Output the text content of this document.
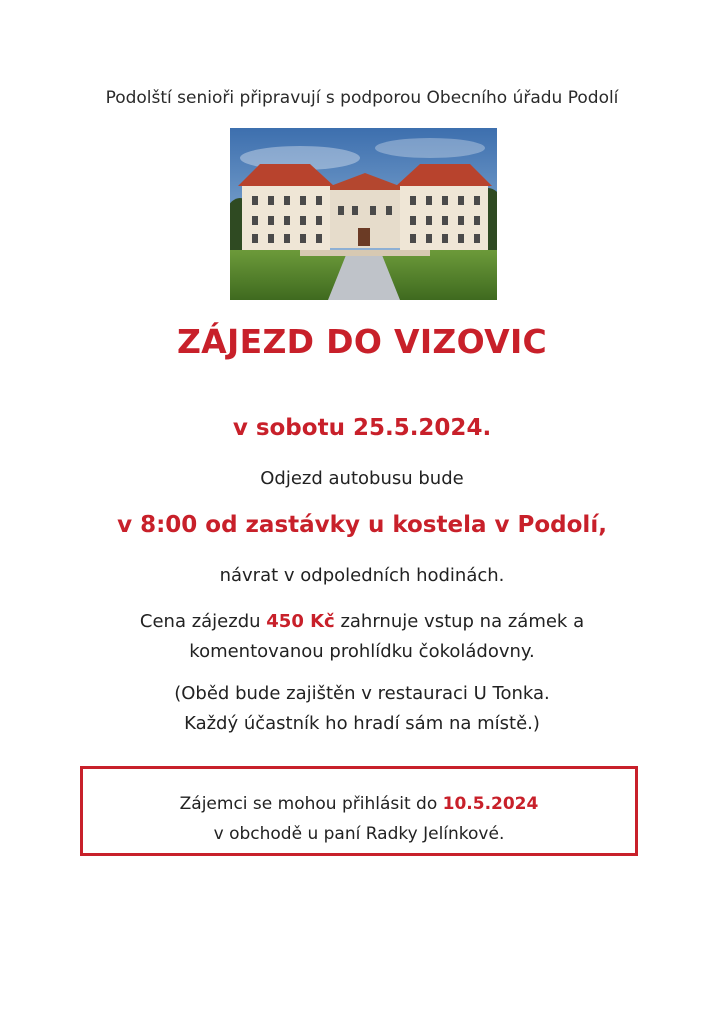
Podolští senioři připravují s podporou Obecního úřadu Podolí
ZÁJEZD DO VIZOVIC
v sobotu 25.5.2024.
Odjezd autobusu bude
v 8:00 od zastávky u kostela v Podolí,
návrat v odpoledních hodinách.
Cena zájezdu 450 Kč zahrnuje vstup na zámek a
komentovanou prohlídku čokoládovny.
(Oběd bude zajištěn v restauraci U Tonka.
Každý účastník ho hradí sám na místě.)
Zájemci se mohou přihlásit do 10.5.2024
v obchodě u paní Radky Jelínkové.
